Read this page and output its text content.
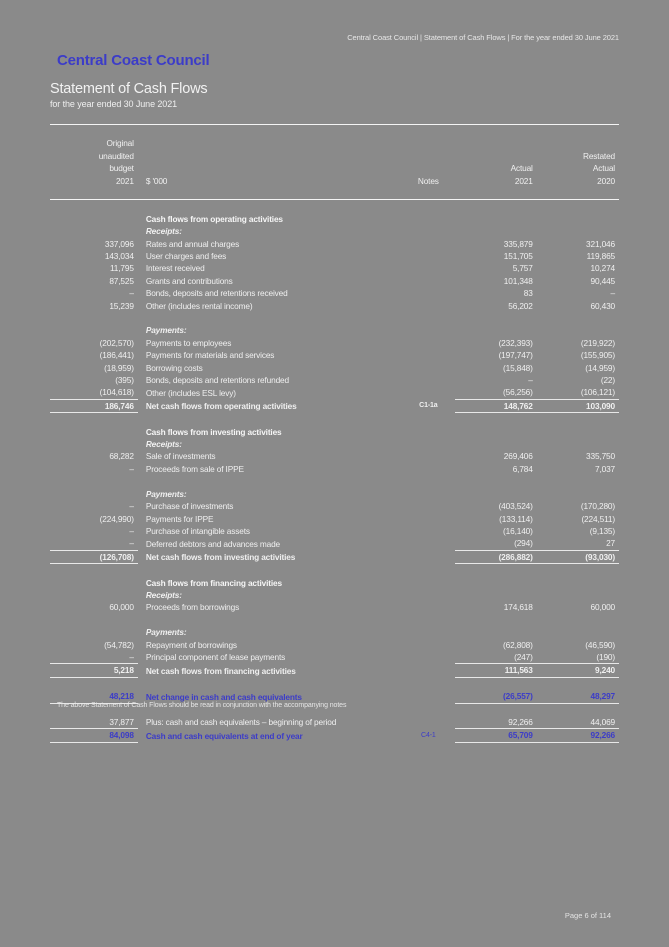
Central Coast Council | Statement of Cash Flows | For the year ended 30 June 2021
Central Coast Council
Statement of Cash Flows
for the year ended 30 June 2021

Original				
unaudited				Restated
budget			Actual	Actual
2021	$ '000	Notes	2021	2020

	Cash flows from operating activities			
	Receipts:			
337,096	Rates and annual charges		335,879	321,046
143,034	User charges and fees		151,705	119,865
11,795	Interest received		5,757	10,274
87,525	Grants and contributions		101,348	90,445
–	Bonds, deposits and retentions received		83	–
15,239	Other (includes rental income)		56,202	60,430

	Payments:			
(202,570)	Payments to employees		(232,393)	(219,922)
(186,441)	Payments for materials and services		(197,747)	(155,905)
(18,959)	Borrowing costs		(15,848)	(14,959)
(395)	Bonds, deposits and retentions refunded		–	(22)
(104,618)	Other (includes ESL levy)		(56,256)	(106,121)
186,746	Net cash flows from operating activities	C1-1a	148,762	103,090

	Cash flows from investing activities			
	Receipts:			
68,282	Sale of investments		269,406	335,750
–	Proceeds from sale of IPPE		6,784	7,037

	Payments:			
–	Purchase of investments		(403,524)	(170,280)
(224,990)	Payments for IPPE		(133,114)	(224,511)
–	Purchase of intangible assets		(16,140)	(9,135)
–	Deferred debtors and advances made		(294)	27
(126,708)	Net cash flows from investing activities		(286,882)	(93,030)

	Cash flows from financing activities			
	Receipts:			
60,000	Proceeds from borrowings		174,618	60,000

	Payments:			
(54,782)	Repayment of borrowings		(62,808)	(46,590)
–	Principal component of lease payments		(247)	(190)
5,218	Net cash flows from financing activities		111,563	9,240

48,218	Net change in cash and cash equivalents		(26,557)	48,297

37,877	Plus: cash and cash equivalents – beginning of period		92,266	44,069
84,098	Cash and cash equivalents at end of year	C4-1	65,709	92,266
The above Statement of Cash Flows should be read in conjunction with the accompanying notes
Page 6 of 114
